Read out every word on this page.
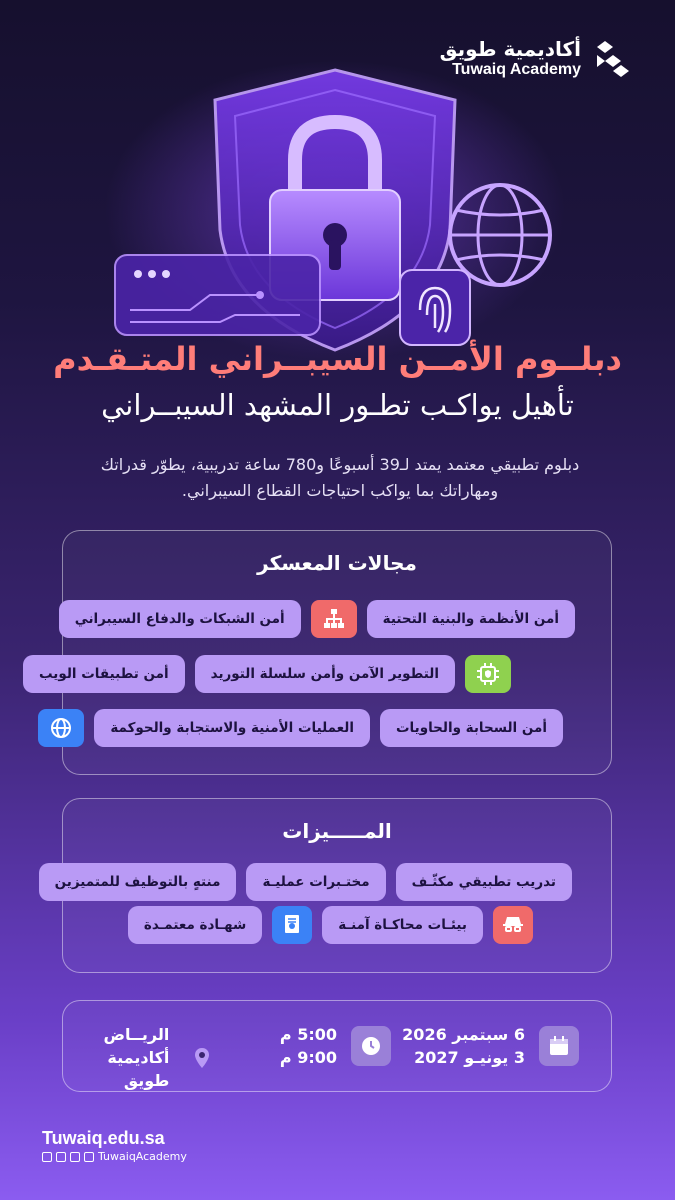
أكاديمية طويق
Tuwaiq Academy
دبلــوم الأمــن السيبــراني المتـقـدم
تأهيل يواكـب تطـور المشهد السيبــراني
دبلوم تطبيقي معتمد يمتد لـ39 أسبوعًا و780 ساعة تدريبية، يطوّر قدراتك ومهاراتك بما يواكب احتياجات القطاع السيبراني.
مجالات المعسكر
أمن الأنظمة والبنية التحتية
أمن الشبكات والدفاع السيبراني
التطوير الآمن وأمن سلسلة التوريد
أمن تطبيقات الويب
أمن السحابة والحاويات
العمليات الأمنية والاستجابة والحوكمة
المـــــيزات
تدريب تطبيقي مكثّـف
مختـبرات عمليـة
منتهٍ بالتوظيف للمتميزين
بيئـات محاكـاة آمنـة
شهـادة معتمـدة
6 سبتمبر 2026
3 يونيـو 2027
5:00 م
9:00 م
الريــاض
أكاديمية طويق
Tuwaiq.edu.sa
TuwaiqAcademy
